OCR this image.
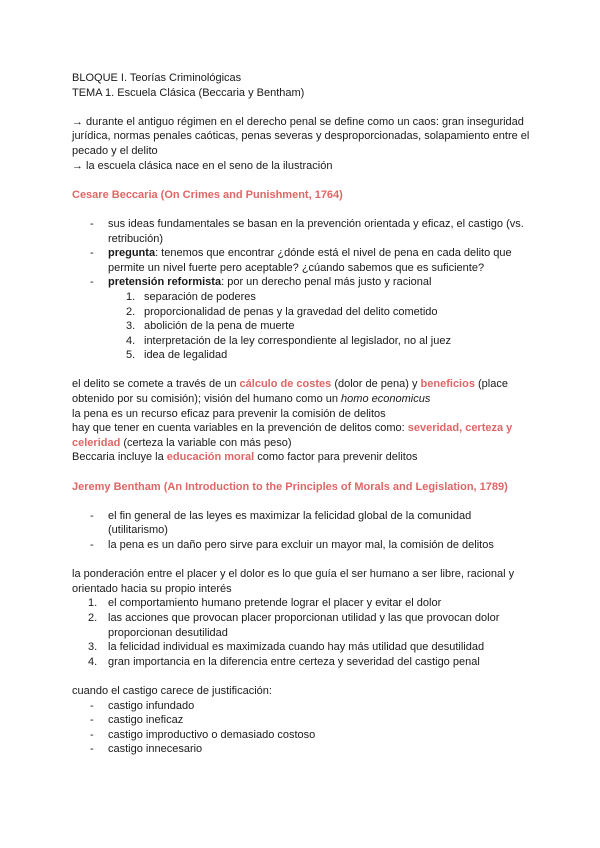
BLOQUE I. Teorías Criminológicas

TEMA 1. Escuela Clásica (Beccaria y Bentham)

→ durante el antiguo régimen en el derecho penal se define como un caos: gran inseguridad jurídica, normas penales caóticas, penas severas y desproporcionadas, solapamiento entre el pecado y el delito

→ la escuela clásica nace en el seno de la ilustración

Cesare Beccaria (On Crimes and Punishment, 1764)

- sus ideas fundamentales se basan en la prevención orientada y eficaz, el castigo (vs. retribución)
- pregunta: tenemos que encontrar ¿dónde está el nivel de pena en cada delito que permite un nivel fuerte pero aceptable? ¿cúando sabemos que es suficiente?
- pretensión reformista: por un derecho penal más justo y racional
1. separación de poderes
2. proporcionalidad de penas y la gravedad del delito cometido
3. abolición de la pena de muerte
4. interpretación de la ley correspondiente al legislador, no al juez
5. idea de legalidad

el delito se comete a través de un cálculo de costes (dolor de pena) y beneficios (place obtenido por su comisión); visión del humano como un homo economicus

la pena es un recurso eficaz para prevenir la comisión de delitos

hay que tener en cuenta variables en la prevención de delitos como: severidad, certeza y celeridad (certeza la variable con más peso)

Beccaria incluye la educación moral como factor para prevenir delitos

Jeremy Bentham (An Introduction to the Principles of Morals and Legislation, 1789)

- el fin general de las leyes es maximizar la felicidad global de la comunidad (utilitarismo)
- la pena es un daño pero sirve para excluir un mayor mal, la comisión de delitos

la ponderación entre el placer y el dolor es lo que guía el ser humano a ser libre, racional y orientado hacia su propio interés

1. el comportamiento humano pretende lograr el placer y evitar el dolor
2. las acciones que provocan placer proporcionan utilidad y las que provocan dolor proporcionan desutilidad
3. la felicidad individual es maximizada cuando hay más utilidad que desutilidad
4. gran importancia en la diferencia entre certeza y severidad del castigo penal

cuando el castigo carece de justificación:

- castigo infundado
- castigo ineficaz
- castigo improductivo o demasiado costoso
- castigo innecesario
